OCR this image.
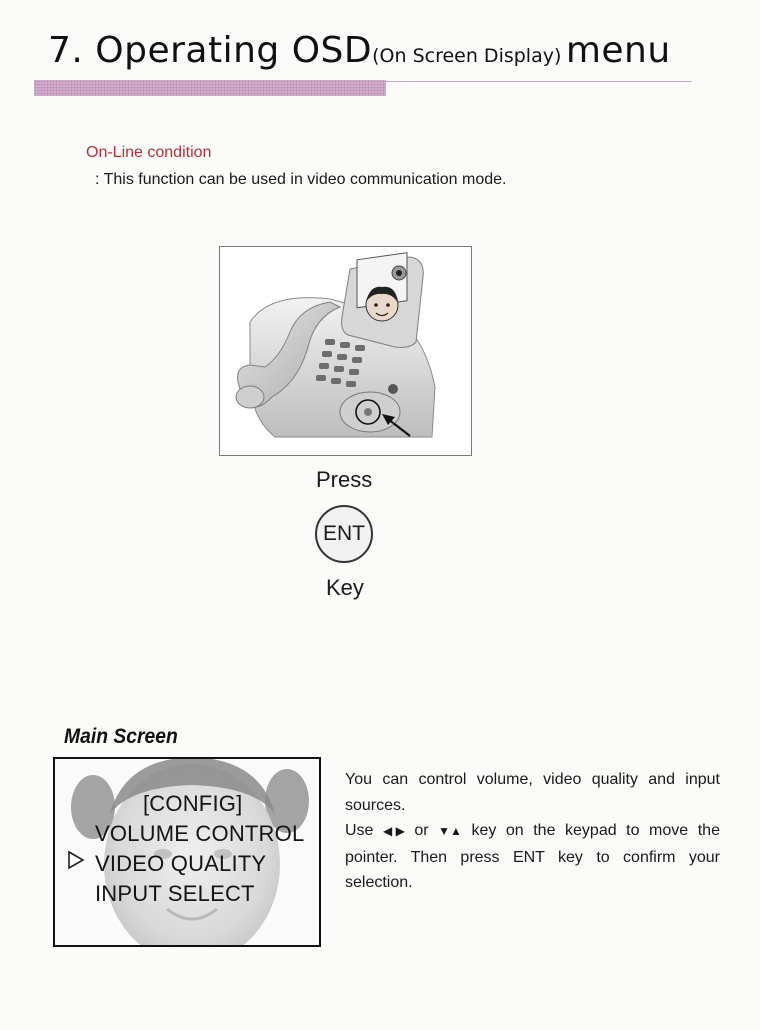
7. Operating OSD(On Screen Display) menu
On-Line condition
: This function can be used in video communication mode.
Press
ENT
Key
Main Screen
[CONFIG]
VOLUME CONTROL
VIDEO QUALITY
INPUT SELECT

You can control volume, video quality and input sources.

Use ◀ ▶ or ▼▲ key on the keypad to move the pointer. Then press ENT key to confirm your selection.
